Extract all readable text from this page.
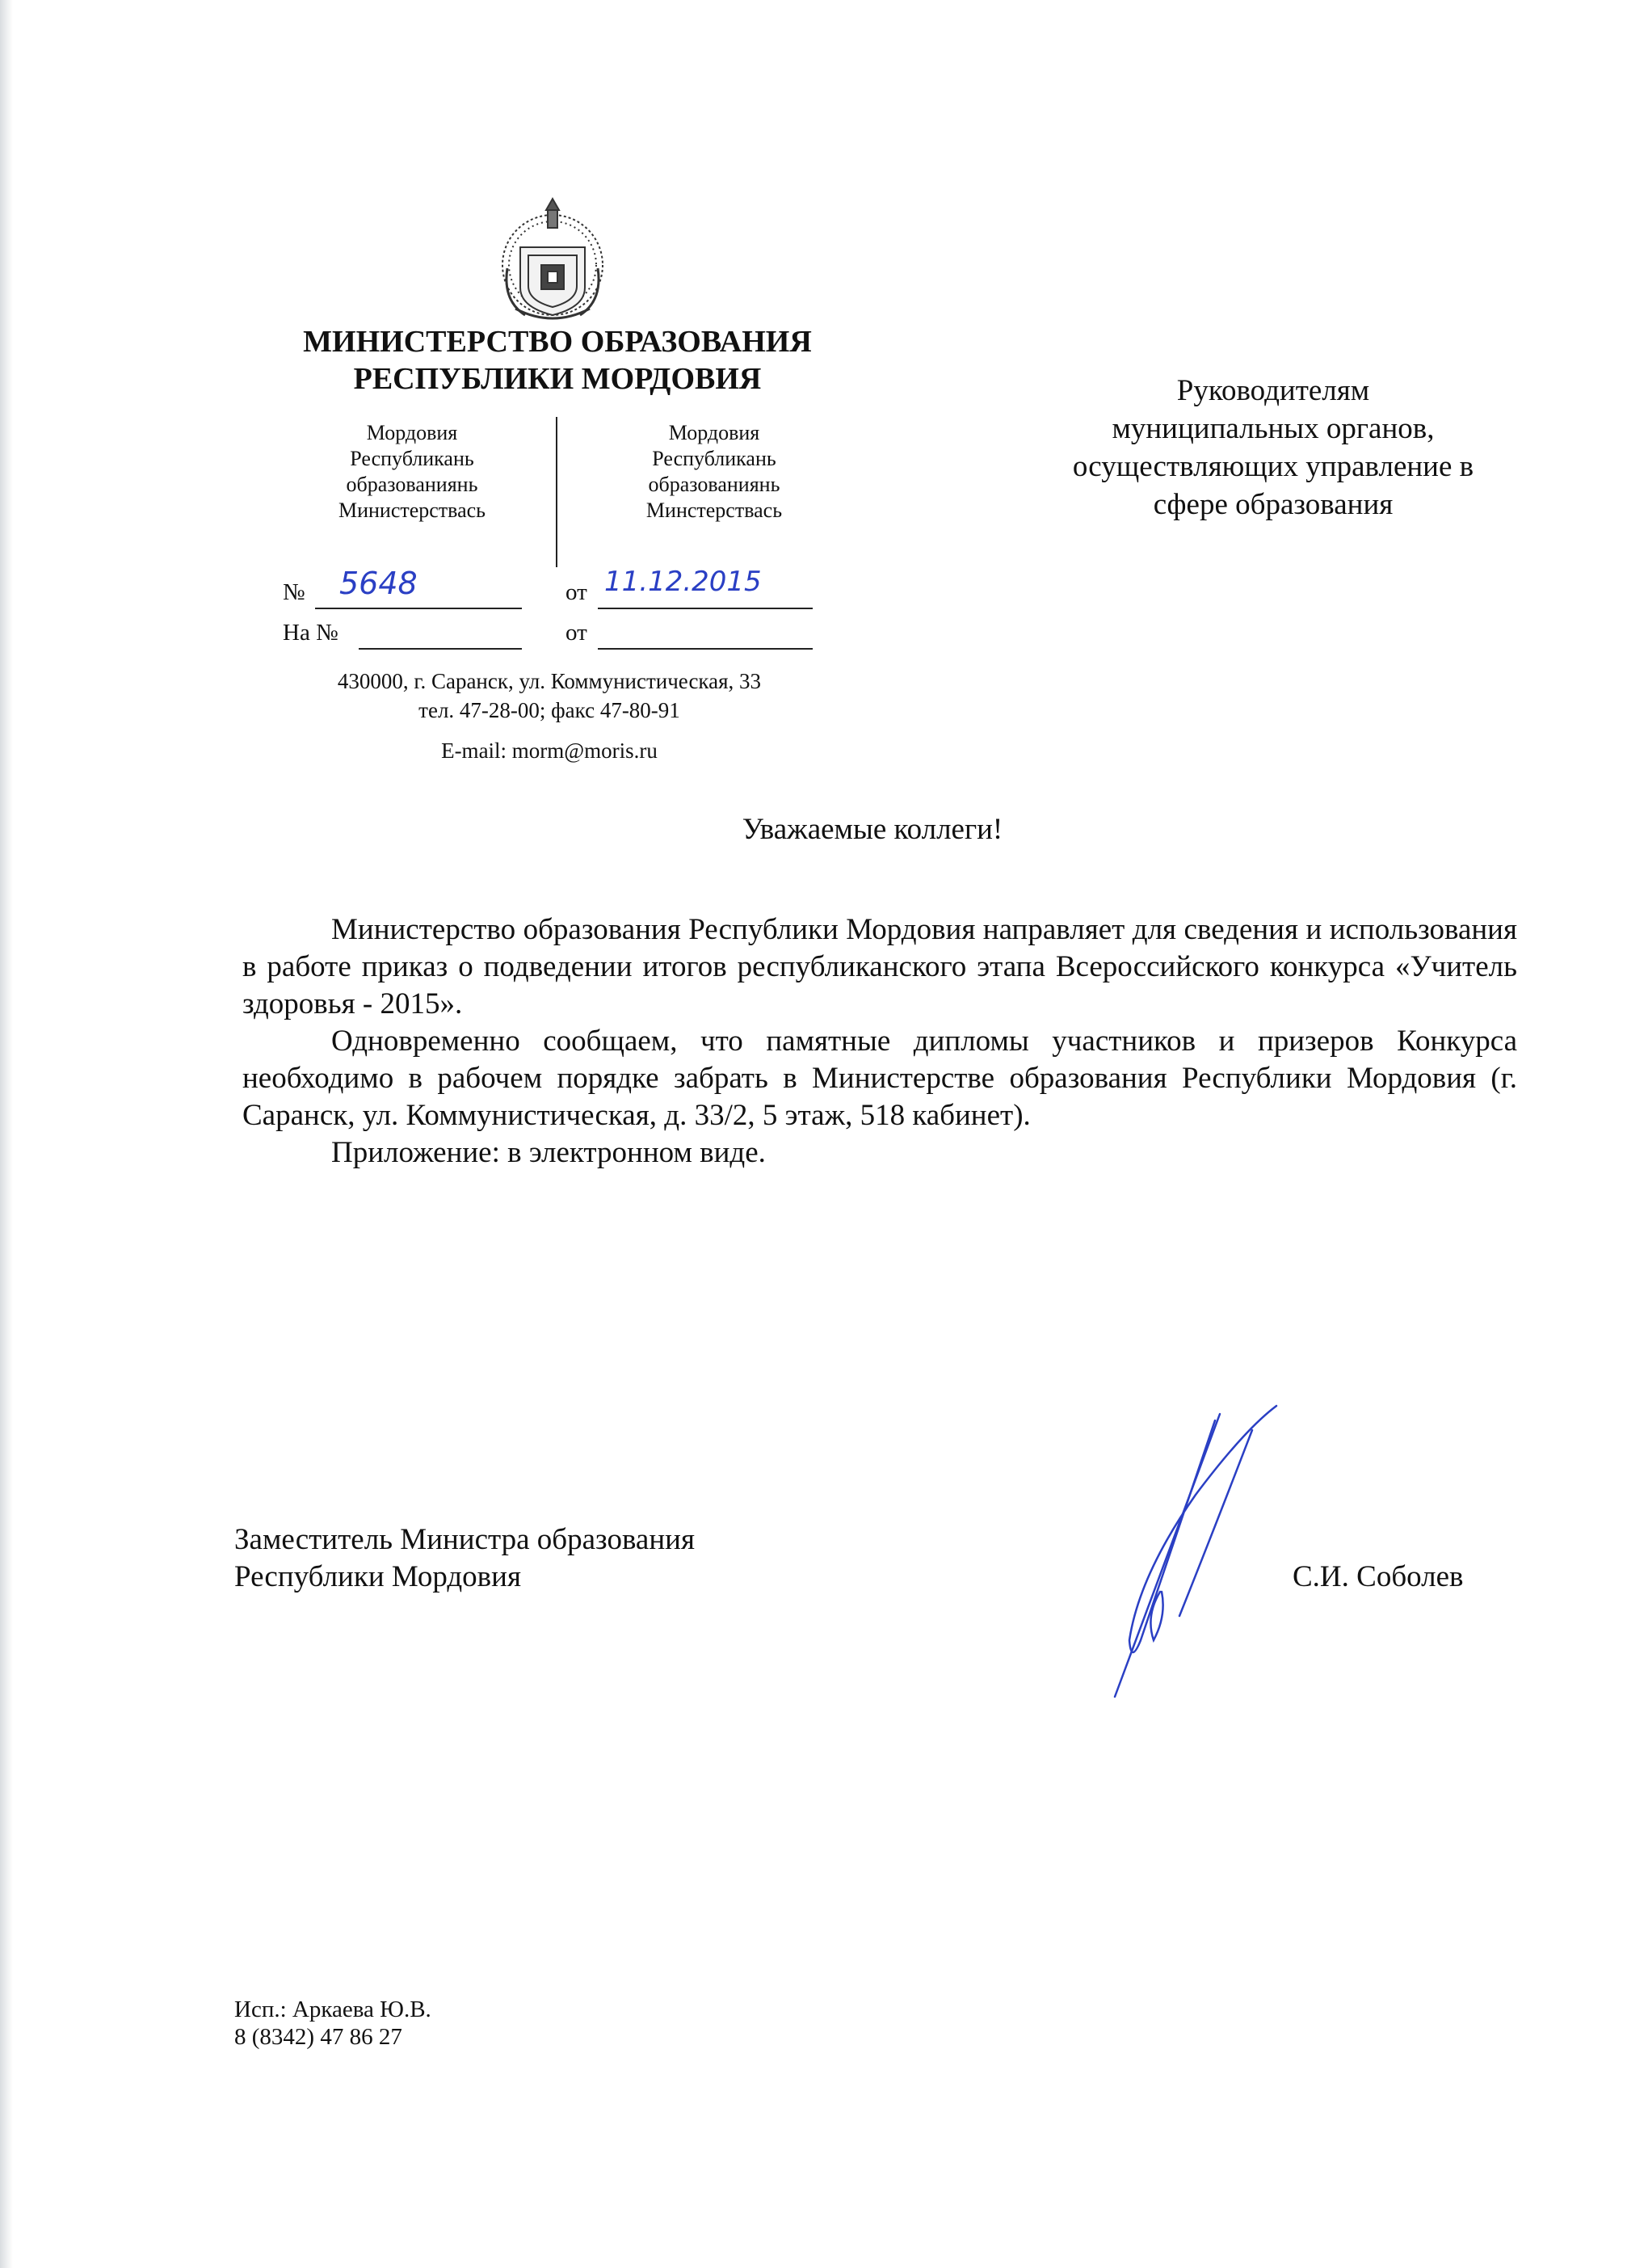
МИНИСТЕРСТВО ОБРАЗОВАНИЯ
РЕСПУБЛИКИ МОРДОВИЯ
Мордовия
Республикань
образованиянь
Министерствась
Мордовия
Республикань
образованиянь
Минстерствась
№ 5648	от 11.12.2015
На №	от
430000, г. Саранск, ул. Коммунистическая, 33
тел. 47-28-00; факс 47-80-91
E-mail: morm@moris.ru
Руководителям
муниципальных органов,
осуществляющих управление в
сфере образования
Уважаемые коллеги!

Министерство образования Республики Мордовия направляет для сведения и использования в работе приказ о подведении итогов республиканского этапа Всероссийского конкурса «Учитель здоровья - 2015».

Одновременно сообщаем, что памятные дипломы участников и призеров Конкурса необходимо в рабочем порядке забрать в Министерстве образования Республики Мордовия (г. Саранск, ул. Коммунистическая, д. 33/2, 5 этаж, 518 кабинет).

Приложение: в электронном виде.

Заместитель Министра образования
Республики Мордовия	С.И. Соболев
Исп.: Аркаева Ю.В.
8 (8342) 47 86 27
